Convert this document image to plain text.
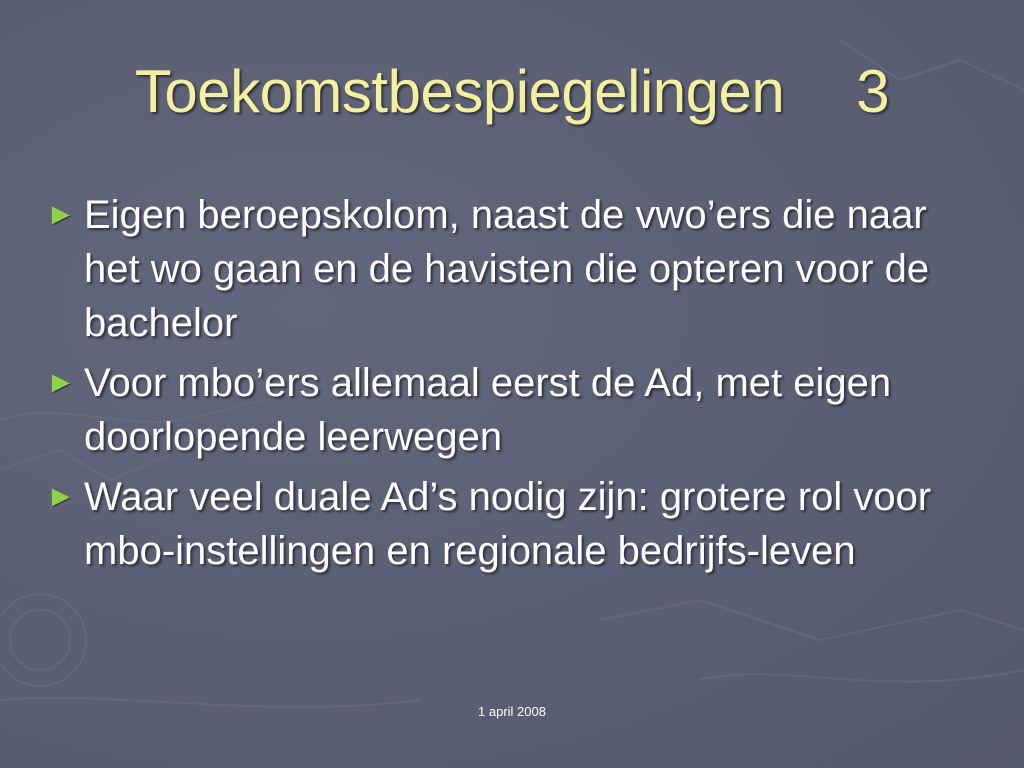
Toekomstbespiegelingen 3
► Eigen beroepskolom, naast de vwo’ers die naar het wo gaan en de havisten die opteren voor de bachelor
► Voor mbo’ers allemaal eerst de Ad, met eigen doorlopende leerwegen
► Waar veel duale Ad’s nodig zijn: grotere rol voor mbo-instellingen en regionale bedrijfs-leven
1 april 2008
